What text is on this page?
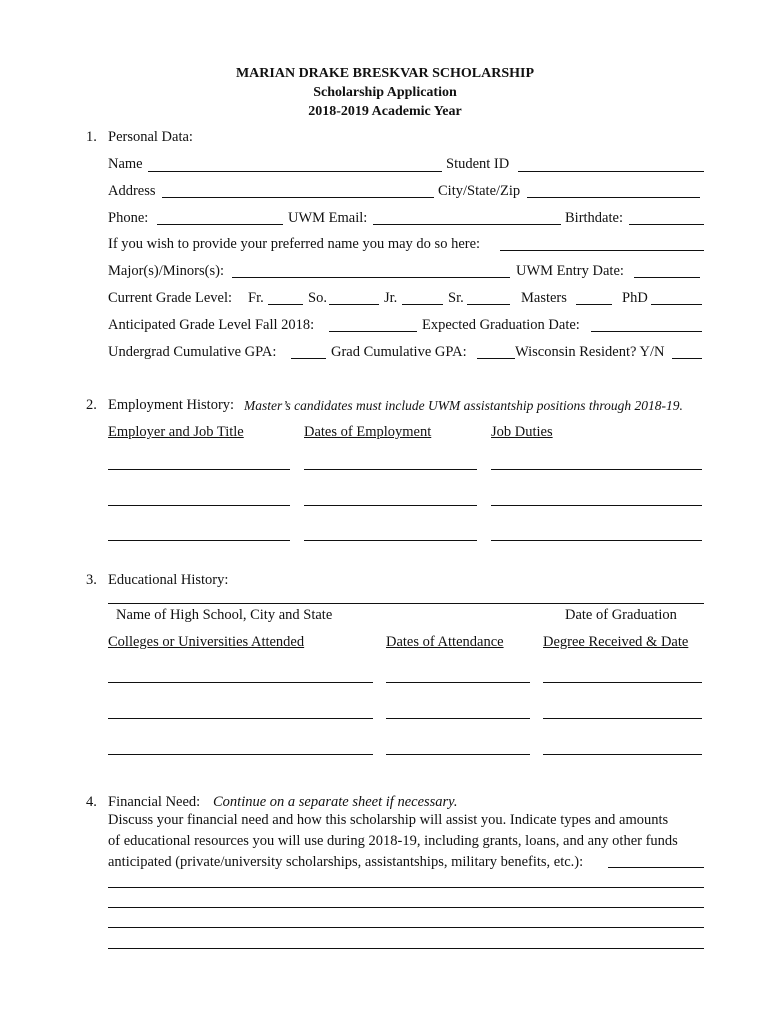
MARIAN DRAKE BRESKVAR SCHOLARSHIP
Scholarship Application
2018-2019 Academic Year
1. Personal Data:
Name	Student ID
Address	City/State/Zip
Phone:	UWM Email:	Birthdate:
If you wish to provide your preferred name you may do so here:
Major(s)/Minors(s):	UWM Entry Date:
Current Grade Level: Fr.	So.	Jr.	Sr.	Masters	PhD
Anticipated Grade Level Fall 2018:	Expected Graduation Date:
Undergrad Cumulative GPA:	Grad Cumulative GPA:	Wisconsin Resident? Y/N
2. Employment History: Master’s candidates must include UWM assistantship positions through 2018-19.
Employer and Job Title	Dates of Employment	Job Duties
3. Educational History:
Name of High School, City and State	Date of Graduation
Colleges or Universities Attended	Dates of Attendance	Degree Received & Date
4. Financial Need: Continue on a separate sheet if necessary.
Discuss your financial need and how this scholarship will assist you. Indicate types and amounts
of educational resources you will use during 2018-19, including grants, loans, and any other funds
anticipated (private/university scholarships, assistantships, military benefits, etc.):
